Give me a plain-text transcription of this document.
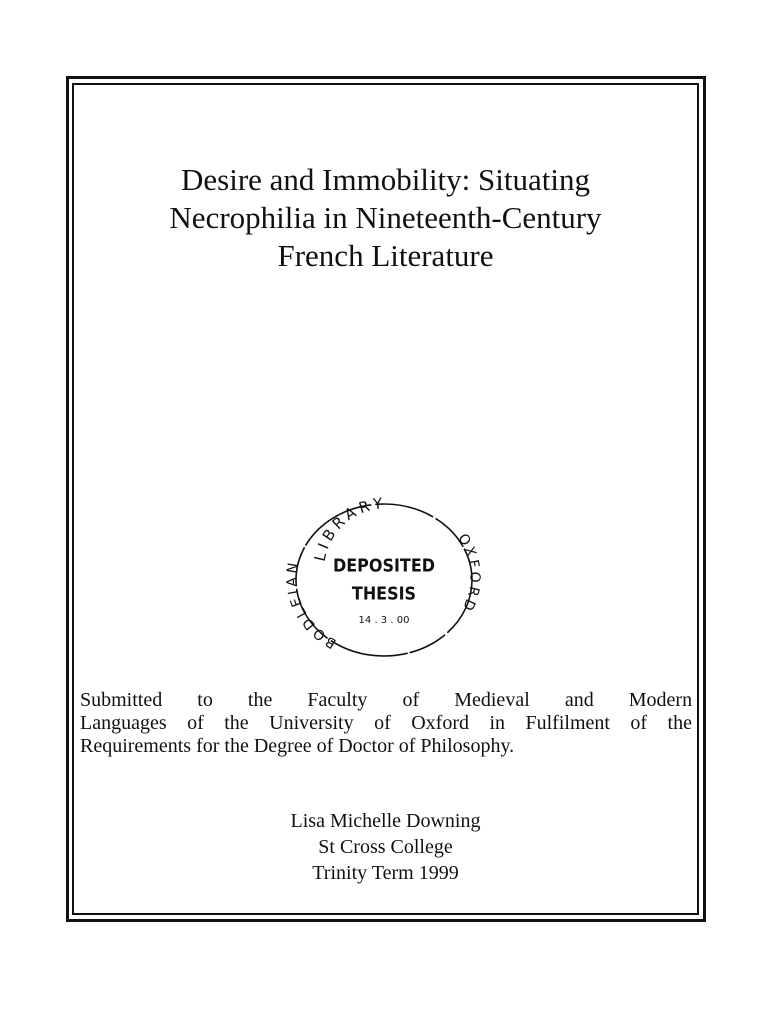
Desire and Immobility: Situating
Necrophilia in Nineteenth-Century
French Literature
LIBRARY
BODLEIAN
OXFORD
DEPOSITED
THESIS
14 . 3 . 00
Submitted to the Faculty of Medieval and Modern
Languages of the University of Oxford in Fulfilment of the
Requirements for the Degree of Doctor of Philosophy.
Lisa Michelle Downing
St Cross College
Trinity Term 1999
